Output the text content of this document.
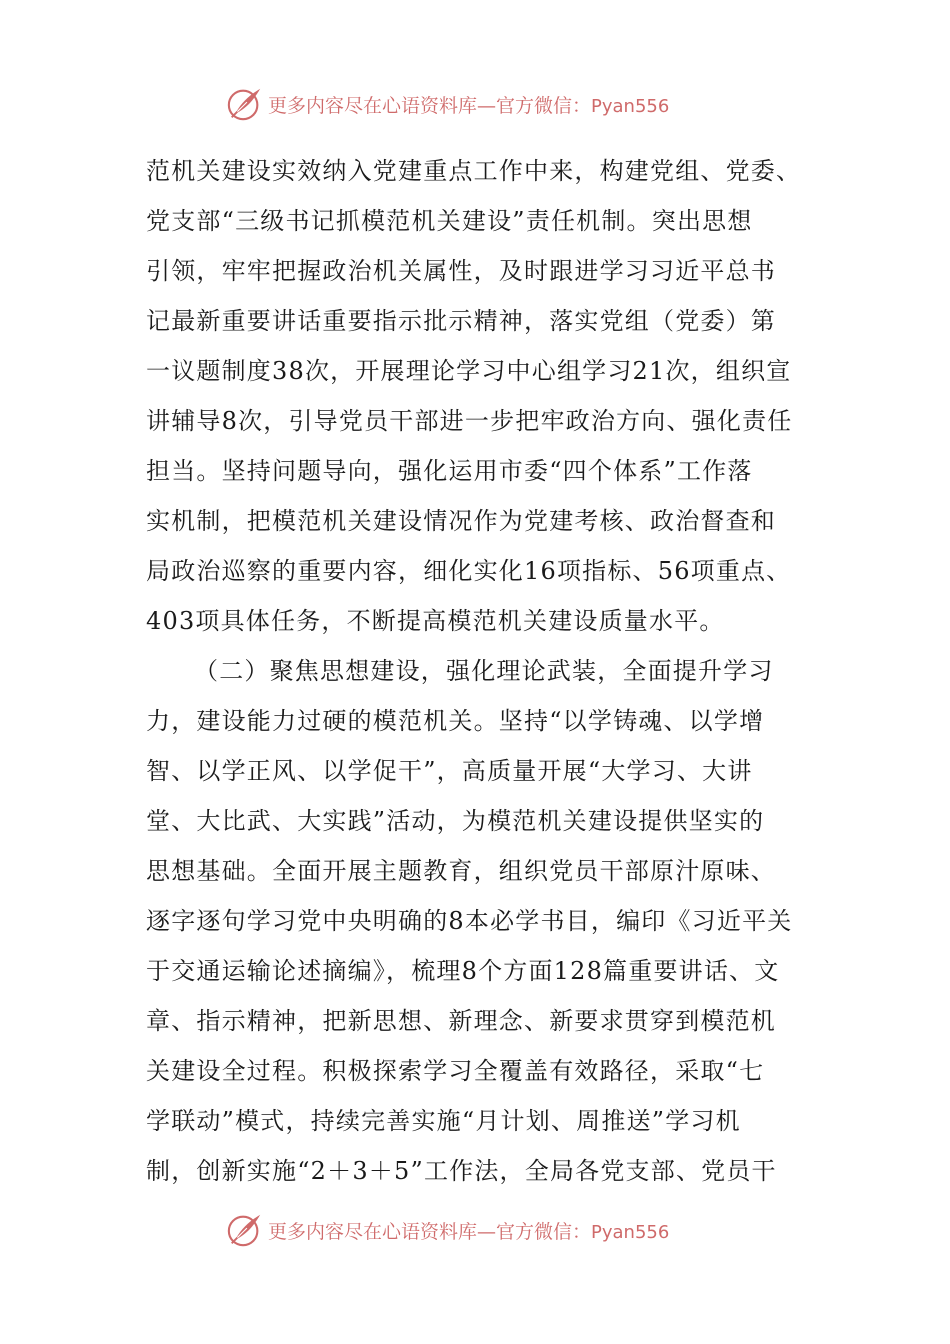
更多内容尽在心语资料库—官方微信：Pyan556
范机关建设实效纳入党建重点工作中来，构建党组、党委、
党支部“三级书记抓模范机关建设”责任机制。突出思想
引领，牢牢把握政治机关属性，及时跟进学习习近平总书
记最新重要讲话重要指示批示精神，落实党组（党委）第
一议题制度38次，开展理论学习中心组学习21次，组织宣
讲辅导8次，引导党员干部进一步把牢政治方向、强化责任
担当。坚持问题导向，强化运用市委“四个体系”工作落
实机制，把模范机关建设情况作为党建考核、政治督查和
局政治巡察的重要内容，细化实化16项指标、56项重点、
403项具体任务，不断提高模范机关建设质量水平。
（二）聚焦思想建设，强化理论武装，全面提升学习
力，建设能力过硬的模范机关。坚持“以学铸魂、以学增
智、以学正风、以学促干”，高质量开展“大学习、大讲
堂、大比武、大实践”活动，为模范机关建设提供坚实的
思想基础。全面开展主题教育，组织党员干部原汁原味、
逐字逐句学习党中央明确的8本必学书目，编印《习近平关
于交通运输论述摘编》，梳理8个方面128篇重要讲话、文
章、指示精神，把新思想、新理念、新要求贯穿到模范机
关建设全过程。积极探索学习全覆盖有效路径，采取“七
学联动”模式，持续完善实施“月计划、周推送”学习机
制，创新实施“2＋3＋5”工作法，全局各党支部、党员干
更多内容尽在心语资料库—官方微信：Pyan556
